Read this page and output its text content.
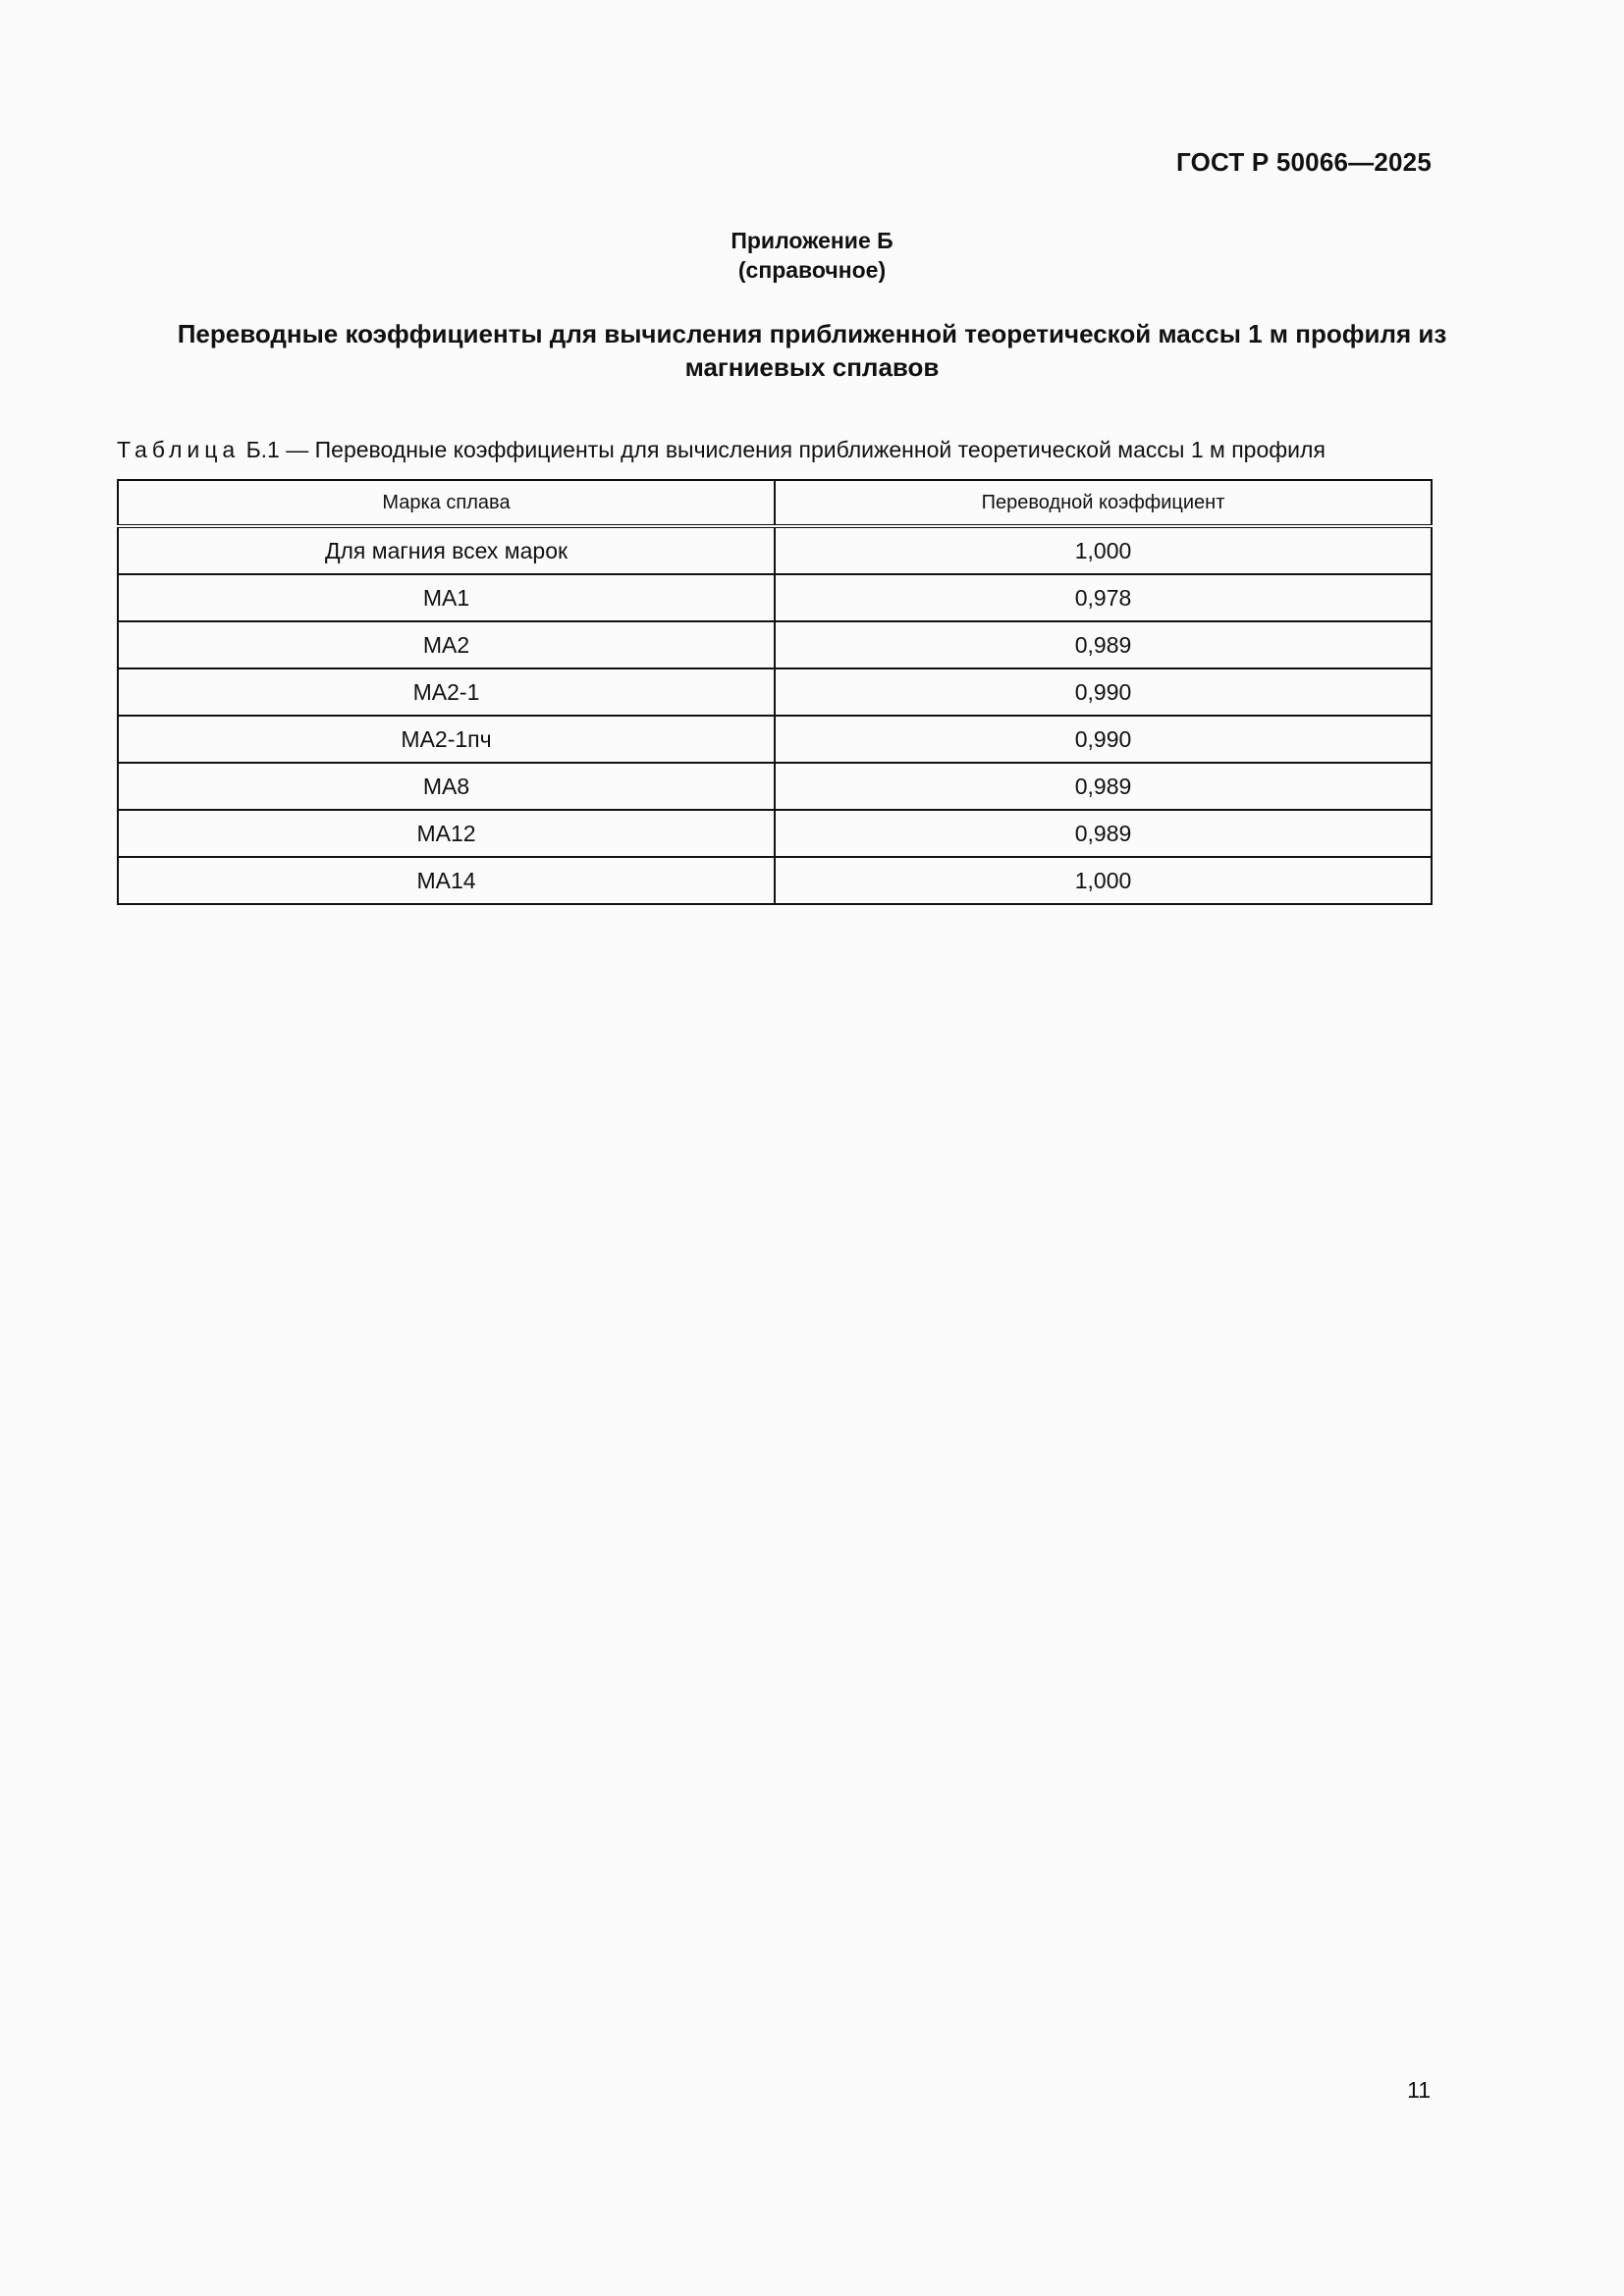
ГОСТ Р 50066—2025
Приложение Б
(справочное)
Переводные коэффициенты для вычисления приближенной теоретической массы 1 м профиля из магниевых сплавов
Таблица Б.1 — Переводные коэффициенты для вычисления приближенной теоретической массы 1 м профиля
Марка сплава	Переводной коэффициент
Для магния всех марок	1,000
МА1	0,978
МА2	0,989
МА2-1	0,990
МА2-1пч	0,990
МА8	0,989
МА12	0,989
МА14	1,000
11
